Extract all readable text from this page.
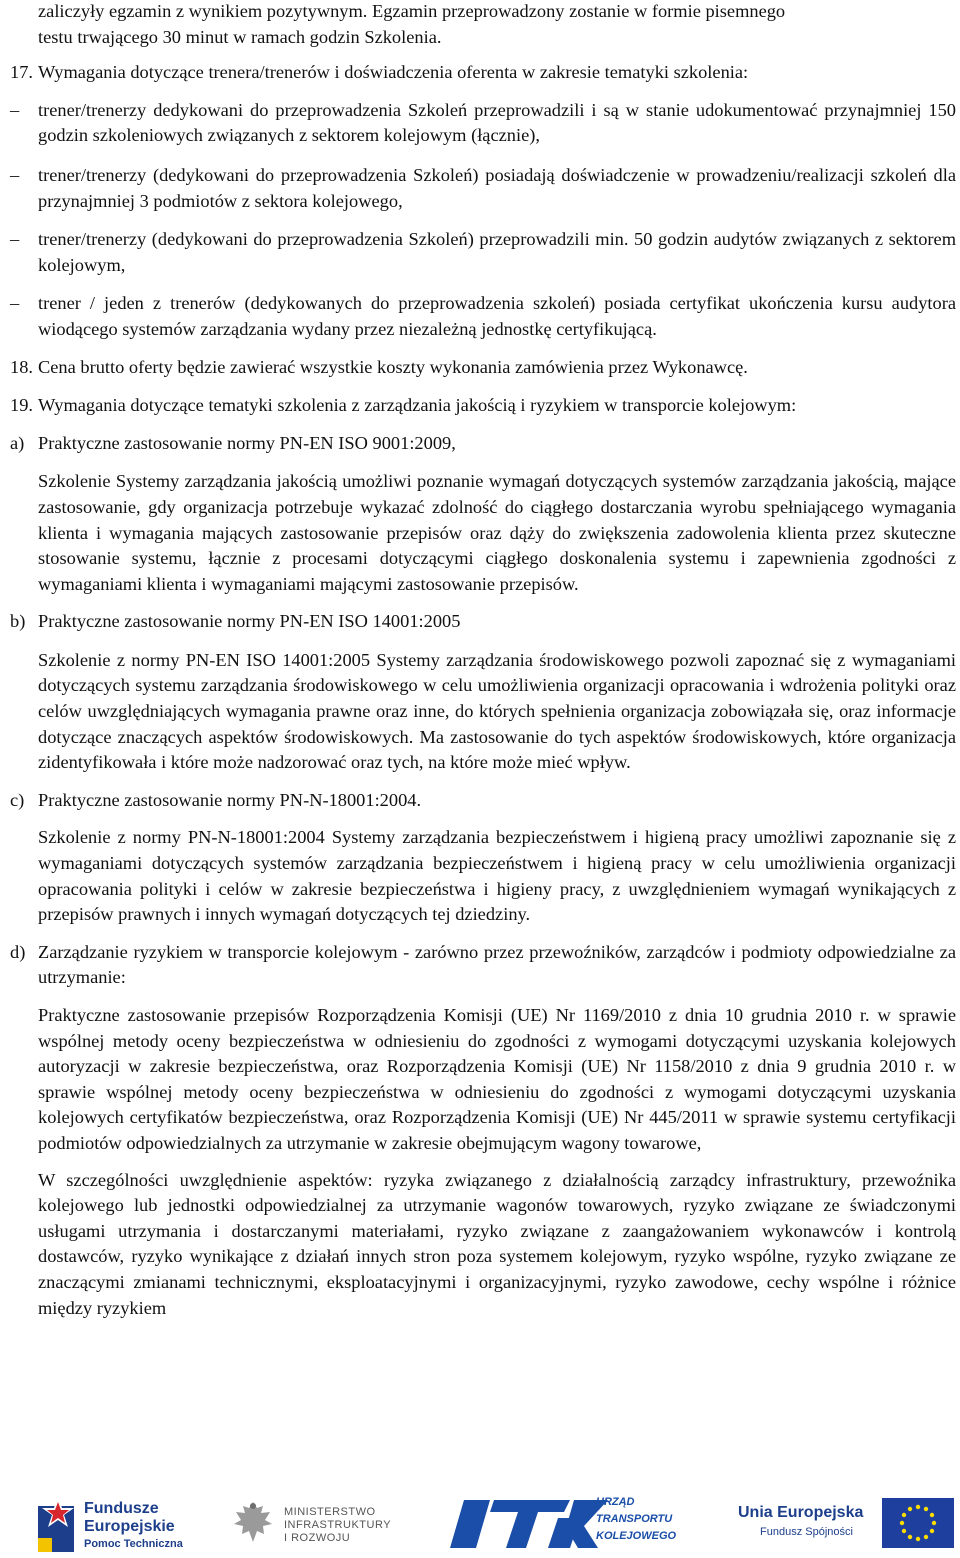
zaliczyły egzamin z wynikiem pozytywnym. Egzamin przeprowadzony zostanie w formie pisemnego
testu trwającego 30 minut w ramach godzin Szkolenia.

17. Wymagania dotyczące trenera/trenerów i doświadczenia oferenta w zakresie tematyki szkolenia:
–	trener/trenerzy dedykowani do przeprowadzenia Szkoleń przeprowadzili i są w stanie udokumentować przynajmniej 150 godzin szkoleniowych związanych z sektorem kolejowym (łącznie),
–	trener/trenerzy (dedykowani do przeprowadzenia Szkoleń) posiadają doświadczenie w prowadzeniu/realizacji szkoleń dla przynajmniej 3 podmiotów z sektora kolejowego,
–	trener/trenerzy (dedykowani do przeprowadzenia Szkoleń) przeprowadzili min. 50 godzin audytów związanych z sektorem kolejowym,
–	trener / jeden z trenerów (dedykowanych do przeprowadzenia szkoleń) posiada certyfikat ukończenia kursu audytora wiodącego systemów zarządzania wydany przez niezależną jednostkę certyfikującą.
18. Cena brutto oferty będzie zawierać wszystkie koszty wykonania zamówienia przez Wykonawcę.
19. Wymagania dotyczące tematyki szkolenia z zarządzania jakością i ryzykiem w transporcie kolejowym:
a) Praktyczne zastosowanie normy PN-EN ISO 9001:2009,

Szkolenie Systemy zarządzania jakością umożliwi poznanie wymagań dotyczących systemów zarządzania jakością, mające zastosowanie, gdy organizacja potrzebuje wykazać zdolność do ciągłego dostarczania wyrobu spełniającego wymagania klienta i wymagania mających zastosowanie przepisów oraz dąży do zwiększenia zadowolenia klienta przez skuteczne stosowanie systemu, łącznie z procesami dotyczącymi ciągłego doskonalenia systemu i zapewnienia zgodności z wymaganiami klienta i wymaganiami mającymi zastosowanie przepisów.

b) Praktyczne zastosowanie normy PN-EN ISO 14001:2005

Szkolenie z normy PN-EN ISO 14001:2005 Systemy zarządzania środowiskowego pozwoli zapoznać się z wymaganiami dotyczących systemu zarządzania środowiskowego w celu umożliwienia organizacji opracowania i wdrożenia polityki oraz celów uwzględniających wymagania prawne oraz inne, do których spełnienia organizacja zobowiązała się, oraz informacje dotyczące znaczących aspektów środowiskowych. Ma zastosowanie do tych aspektów środowiskowych, które organizacja zidentyfikowała i które może nadzorować oraz tych, na które może mieć wpływ.

c) Praktyczne zastosowanie normy PN-N-18001:2004.

Szkolenie z normy PN-N-18001:2004 Systemy zarządzania bezpieczeństwem i higieną pracy umożliwi zapoznanie się z wymaganiami dotyczących systemów zarządzania bezpieczeństwem i higieną pracy w celu umożliwienia organizacji opracowania polityki i celów w zakresie bezpieczeństwa i higieny pracy, z uwzględnieniem wymagań wynikających z przepisów prawnych i innych wymagań dotyczących tej dziedziny.

d) Zarządzanie ryzykiem w transporcie kolejowym - zarówno przez przewoźników, zarządców i podmioty odpowiedzialne za utrzymanie:

Praktyczne zastosowanie przepisów Rozporządzenia Komisji (UE) Nr 1169/2010 z dnia 10 grudnia 2010 r. w sprawie wspólnej metody oceny bezpieczeństwa w odniesieniu do zgodności z wymogami dotyczącymi uzyskania kolejowych autoryzacji w zakresie bezpieczeństwa, oraz Rozporządzenia Komisji (UE) Nr 1158/2010 z dnia 9 grudnia 2010 r. w sprawie wspólnej metody oceny bezpieczeństwa w odniesieniu do zgodności z wymogami dotyczącymi uzyskania kolejowych certyfikatów bezpieczeństwa, oraz Rozporządzenia Komisji (UE) Nr 445/2011 w sprawie systemu certyfikacji podmiotów odpowiedzialnych za utrzymanie w zakresie obejmującym wagony towarowe,

W szczególności uwzględnienie aspektów: ryzyka związanego z działalnością zarządcy infrastruktury, przewoźnika kolejowego lub jednostki odpowiedzialnej za utrzymanie wagonów towarowych, ryzyko związane ze świadczonymi usługami utrzymania i dostarczanymi materiałami, ryzyko związane z zaangażowaniem wykonawców i kontrolą dostawców, ryzyko wynikające z działań innych stron poza systemem kolejowym, ryzyko wspólne, ryzyko związane ze znaczącymi zmianami technicznymi, eksploatacyjnymi i organizacyjnymi, ryzyko zawodowe, cechy wspólne i różnice między ryzykiem

Fundusze
Europejskie
Pomoc Techniczna
MINISTERSTWO
INFRASTRUKTURY
I ROZWOJU
URZĄD
TRANSPORTU
KOLEJOWEGO
Unia Europejska
Fundusz Spójności
